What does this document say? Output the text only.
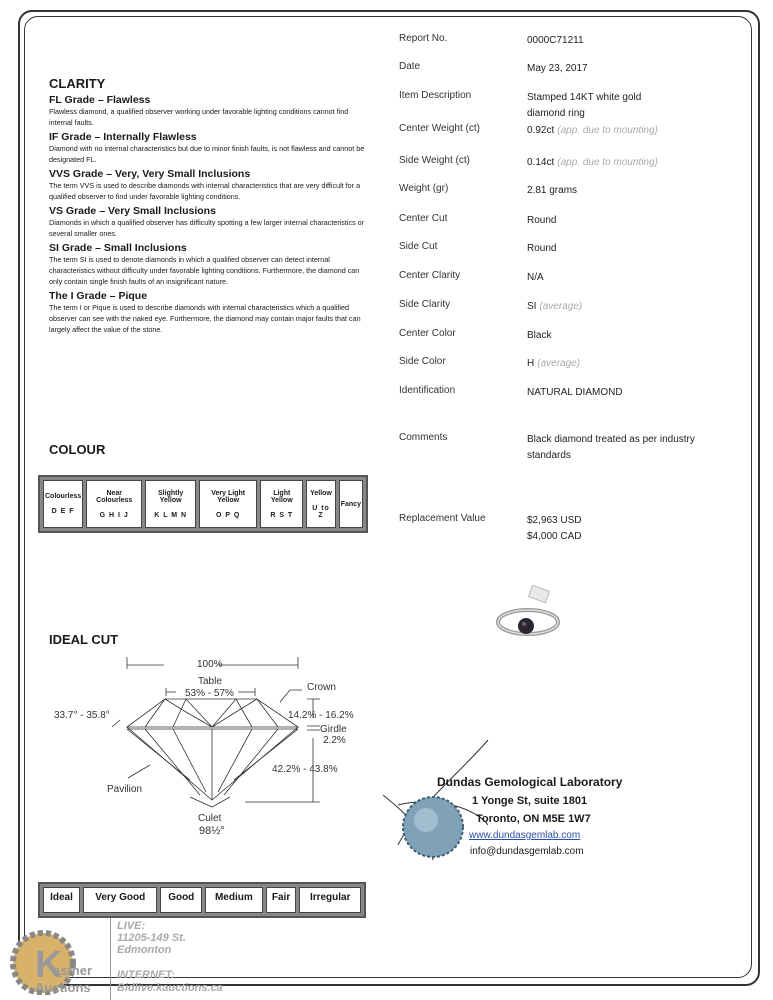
CLARITY
FL Grade – Flawless
Flawless diamond, a qualified observer working under favorable lighting conditions cannot find internal faults.
IF Grade – Internally Flawless
Diamond with no internal characteristics but due to minor finish faults, is not flawless and cannot be designated FL.
VVS Grade – Very, Very Small Inclusions
The term VVS is used to describe diamonds with internal characteristics that are very difficult for a qualified observer to find under favorable lighting conditions.
VS Grade – Very Small Inclusions
Diamonds in which a qualified observer has difficulty spotting a few larger internal characteristics or several smaller ones.
SI Grade – Small Inclusions
The term SI is used to denote diamonds in which a qualified observer can detect internal characteristics without difficulty under favorable lighting conditions. Furthermore, the diamond can only contain single finish faults of an insignificant nature.
The I Grade – Pique
The term I or Pique is used to describe diamonds with internal characteristics which a qualified observer can see with the naked eye. Furthermore, the diamond may contain major faults that can largely affect the value of the stone.
COLOUR
Colourless
D E F

Near Colourless
G H I J

Slightly Yellow
K L M N

Very Light Yellow
O P Q

Light Yellow
R S T

Yellow
U to Z

Fancy
IDEAL CUT
100%
Table
53% - 57%
Crown
33.7° - 35.8°	14.2% - 16.2%
Girdle
2.2%
42.2% - 43.8%
Pavilion
Culet
98½°
Ideal	Very Good	Good	Medium	Fair	Irregular
Report No.	0000C71211
Date	May 23, 2017
Item Description	Stamped 14KT white gold
diamond ring
Center Weight (ct)	0.92ct (app. due to mounting)
Side Weight (ct)	0.14ct (app. due to mounting)
Weight (gr)	2.81 grams
Center Cut	Round
Side Cut	Round
Center Clarity	N/A
Side Clarity	SI (average)
Center Color	Black
Side Color	H (average)
Identification	NATURAL DIAMOND
Comments	Black diamond treated as per industry
standards
Replacement Value	$2,963 USD
$4,000 CAD
Dundas Gemological Laboratory
1 Yonge St, suite 1801
Toronto, ON M5E 1W7
www.dundasgemlab.com
info@dundasgemlab.com
K
astner
Auctions
LIVE:
11205-149 St.
Edmonton
INTERNET:
Bidlive.kauctions.ca
